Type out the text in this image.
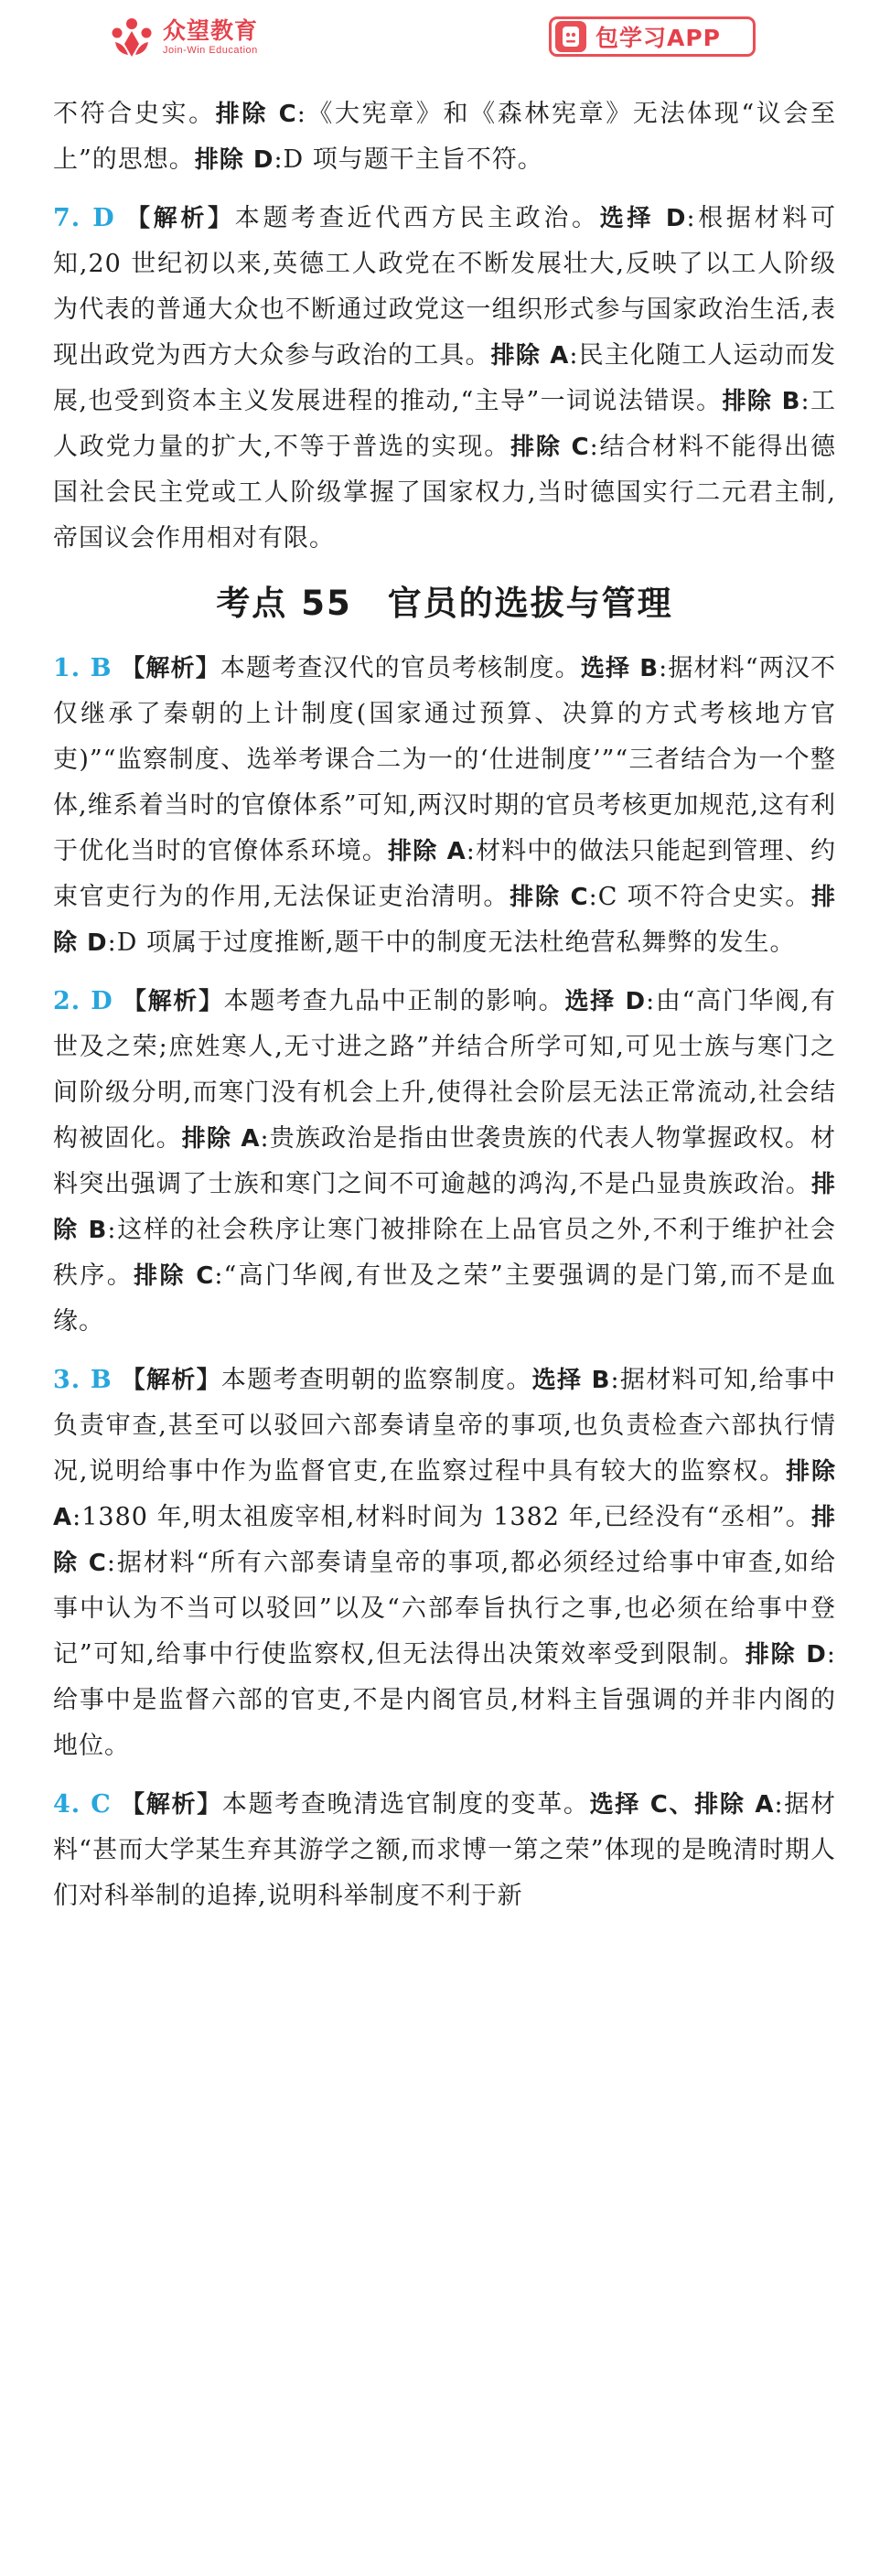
众望教育
Join-Win Education	包学习APP

不符合史实。排除 C:《大宪章》和《森林宪章》无法体现“议会至上”的思想。排除 D:D 项与题干主旨不符。

7. D 【解析】本题考查近代西方民主政治。选择 D:根据材料可知,20 世纪初以来,英德工人政党在不断发展壮大,反映了以工人阶级为代表的普通大众也不断通过政党这一组织形式参与国家政治生活,表现出政党为西方大众参与政治的工具。排除 A:民主化随工人运动而发展,也受到资本主义发展进程的推动,“主导”一词说法错误。排除 B:工人政党力量的扩大,不等于普选的实现。排除 C:结合材料不能得出德国社会民主党或工人阶级掌握了国家权力,当时德国实行二元君主制,帝国议会作用相对有限。

考点 55　官员的选拔与管理

1. B 【解析】本题考查汉代的官员考核制度。选择 B:据材料“两汉不仅继承了秦朝的上计制度(国家通过预算、决算的方式考核地方官吏)”“监察制度、选举考课合二为一的‘仕进制度’”“三者结合为一个整体,维系着当时的官僚体系”可知,两汉时期的官员考核更加规范,这有利于优化当时的官僚体系环境。排除 A:材料中的做法只能起到管理、约束官吏行为的作用,无法保证吏治清明。排除 C:C 项不符合史实。排除 D:D 项属于过度推断,题干中的制度无法杜绝营私舞弊的发生。

2. D 【解析】本题考查九品中正制的影响。选择 D:由“高门华阀,有世及之荣;庶姓寒人,无寸进之路”并结合所学可知,可见士族与寒门之间阶级分明,而寒门没有机会上升,使得社会阶层无法正常流动,社会结构被固化。排除 A:贵族政治是指由世袭贵族的代表人物掌握政权。材料突出强调了士族和寒门之间不可逾越的鸿沟,不是凸显贵族政治。排除 B:这样的社会秩序让寒门被排除在上品官员之外,不利于维护社会秩序。排除 C:“高门华阀,有世及之荣”主要强调的是门第,而不是血缘。

3. B 【解析】本题考查明朝的监察制度。选择 B:据材料可知,给事中负责审查,甚至可以驳回六部奏请皇帝的事项,也负责检查六部执行情况,说明给事中作为监督官吏,在监察过程中具有较大的监察权。排除 A:1380 年,明太祖废宰相,材料时间为 1382 年,已经没有“丞相”。排除 C:据材料“所有六部奏请皇帝的事项,都必须经过给事中审查,如给事中认为不当可以驳回”以及“六部奉旨执行之事,也必须在给事中登记”可知,给事中行使监察权,但无法得出决策效率受到限制。排除 D:给事中是监督六部的官吏,不是内阁官员,材料主旨强调的并非内阁的地位。

4. C 【解析】本题考查晚清选官制度的变革。选择 C、排除 A:据材料“甚而大学某生弃其游学之额,而求博一第之荣”体现的是晚清时期人们对科举制的追捧,说明科举制度不利于新
